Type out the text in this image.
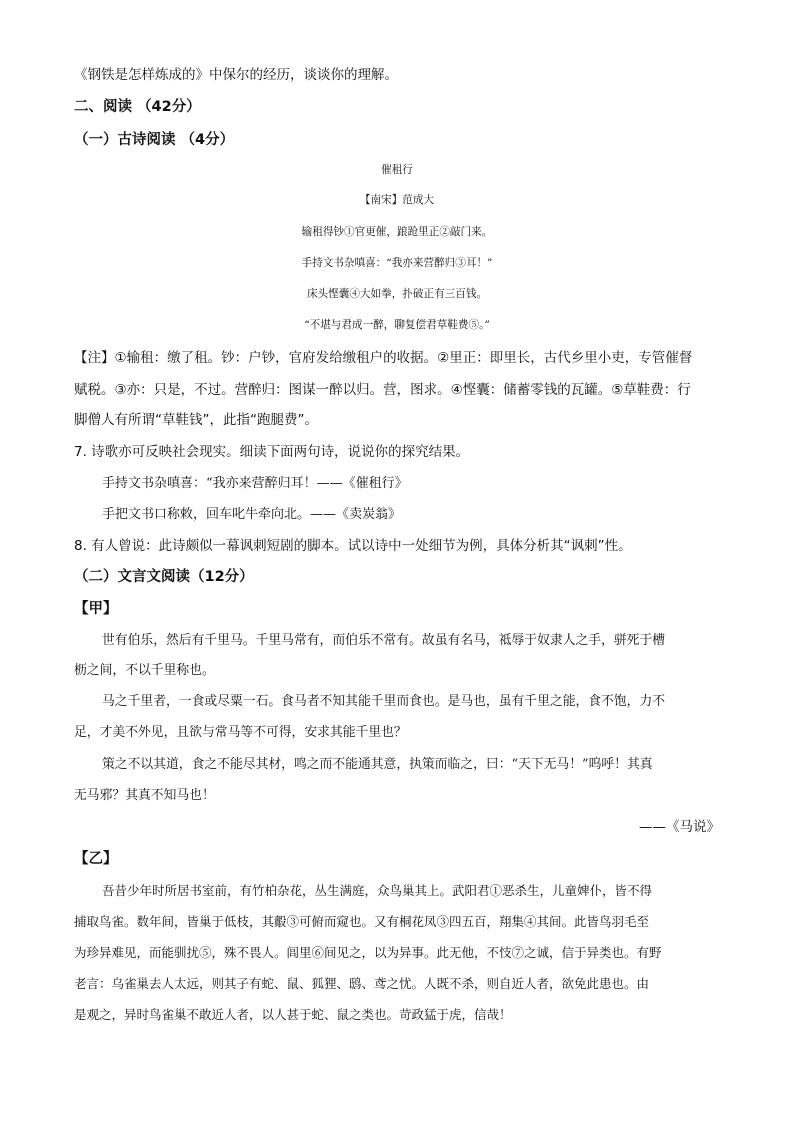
《钢铁是怎样炼成的》中保尔的经历，谈谈你的理解。
二、阅读 （42分）
（一）古诗阅读 （4分）
催租行
【南宋】范成大
输租得钞①官更催，踉跄里正②敲门来。
手持文书杂嗔喜：“我亦来营醉归③耳！”
床头悭囊④大如拳，扑破正有三百钱。
“不堪与君成一醉，聊复偿君草鞋费⑤。”
【注】①输租：缴了租。钞：户钞，官府发给缴租户的收据。②里正：即里长，古代乡里小吏，专管催督
赋税。③亦：只是，不过。营醉归：图谋一醉以归。营，图求。④悭囊：储蓄零钱的瓦罐。⑤草鞋费：行
脚僧人有所谓“草鞋钱”，此指“跑腿费”。
7. 诗歌亦可反映社会现实。细读下面两句诗，说说你的探究结果。
手持文书杂嗔喜：“我亦来营醉归耳！——《催租行》
手把文书口称敕，回车叱牛牵向北。——《卖炭翁》
8. 有人曾说：此诗颇似一幕讽刺短剧的脚本。试以诗中一处细节为例，具体分析其“讽刺”性。
（二）文言文阅读（12分）
【甲】
世有伯乐，然后有千里马。千里马常有，而伯乐不常有。故虽有名马，祗辱于奴隶人之手，骈死于槽
枥之间，不以千里称也。
马之千里者，一食或尽粟一石。食马者不知其能千里而食也。是马也，虽有千里之能，食不饱，力不
足，才美不外见，且欲与常马等不可得，安求其能千里也？
策之不以其道，食之不能尽其材，鸣之而不能通其意，执策而临之，曰：“天下无马！”呜呼！其真
无马邪？其真不知马也！
——《马说》
【乙】
吾昔少年时所居书室前，有竹柏杂花，丛生满庭，众鸟巢其上。武阳君①恶杀生，儿童婢仆，皆不得
捕取鸟雀。数年间，皆巢于低枝，其鷇③可俯而窥也。又有桐花凤③四五百，翔集④其间。此皆鸟羽毛至
为珍异难见，而能驯扰⑤，殊不畏人。闾里⑥间见之，以为异事。此无他，不忮⑦之诚，信于异类也。有野
老言：乌雀巢去人太远，则其子有蛇、鼠、狐狸、鸱、鸢之忧。人既不杀，则自近人者，欲免此患也。由
是观之，异时鸟雀巢不敢近人者，以人甚于蛇、鼠之类也。苛政猛于虎，信哉！
